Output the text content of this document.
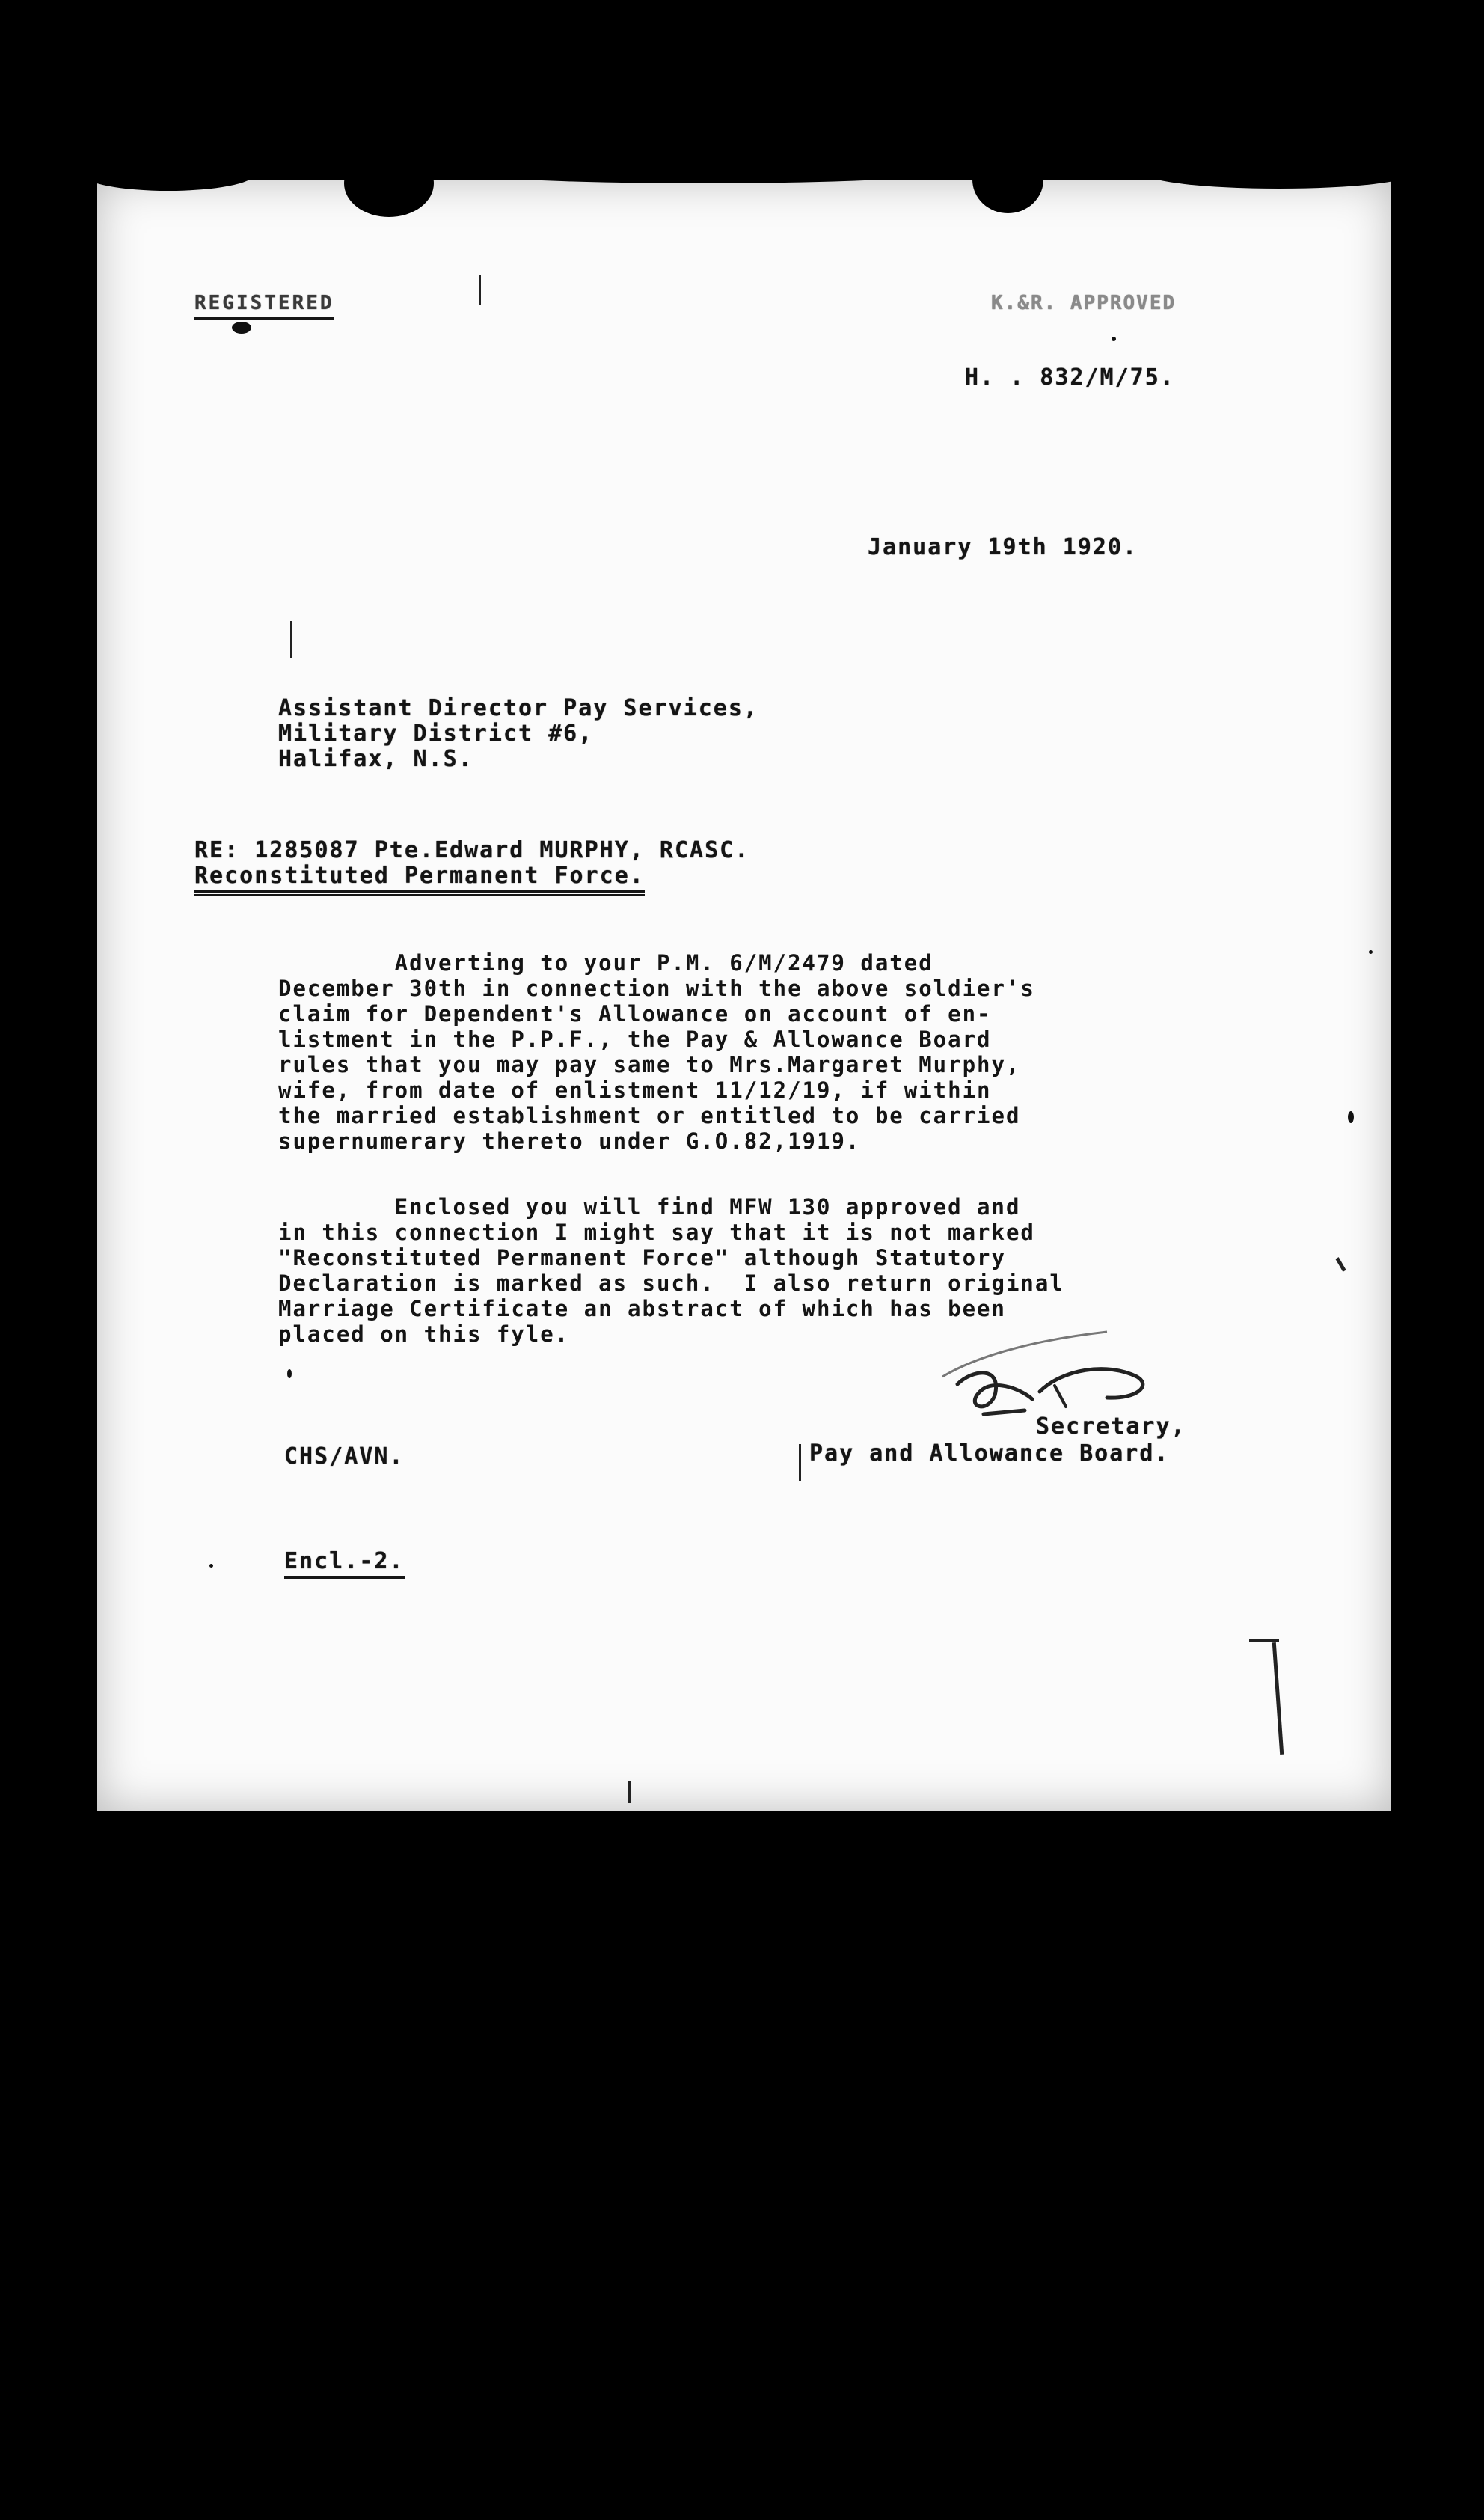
REGISTERED	K.&R. APPROVED
H. . 832/M/75.
January 19th 1920.
Assistant Director Pay Services,
Military District #6,
Halifax, N.S.
RE: 1285087 Pte.Edward MURPHY, RCASC.
Reconstituted Permanent Force.

Adverting to your P.M. 6/M/2479 dated

December 30th in connection with the above soldier's

claim for Dependent's Allowance on account of en-

listment in the P.P.F., the Pay & Allowance Board

rules that you may pay same to Mrs.Margaret Murphy,

wife, from date of enlistment 11/12/19, if within

the married establishment or entitled to be carried

supernumerary thereto under G.O.82,1919.

Enclosed you will find MFW 130 approved and

in this connection I might say that it is not marked

"Reconstituted Permanent Force" although Statutory

Declaration is marked as such.  I also return original

Marriage Certificate an abstract of which has been

placed on this fyle.

Secretary,
Pay and Allowance Board.
CHS/AVN.
Encl.-2.
